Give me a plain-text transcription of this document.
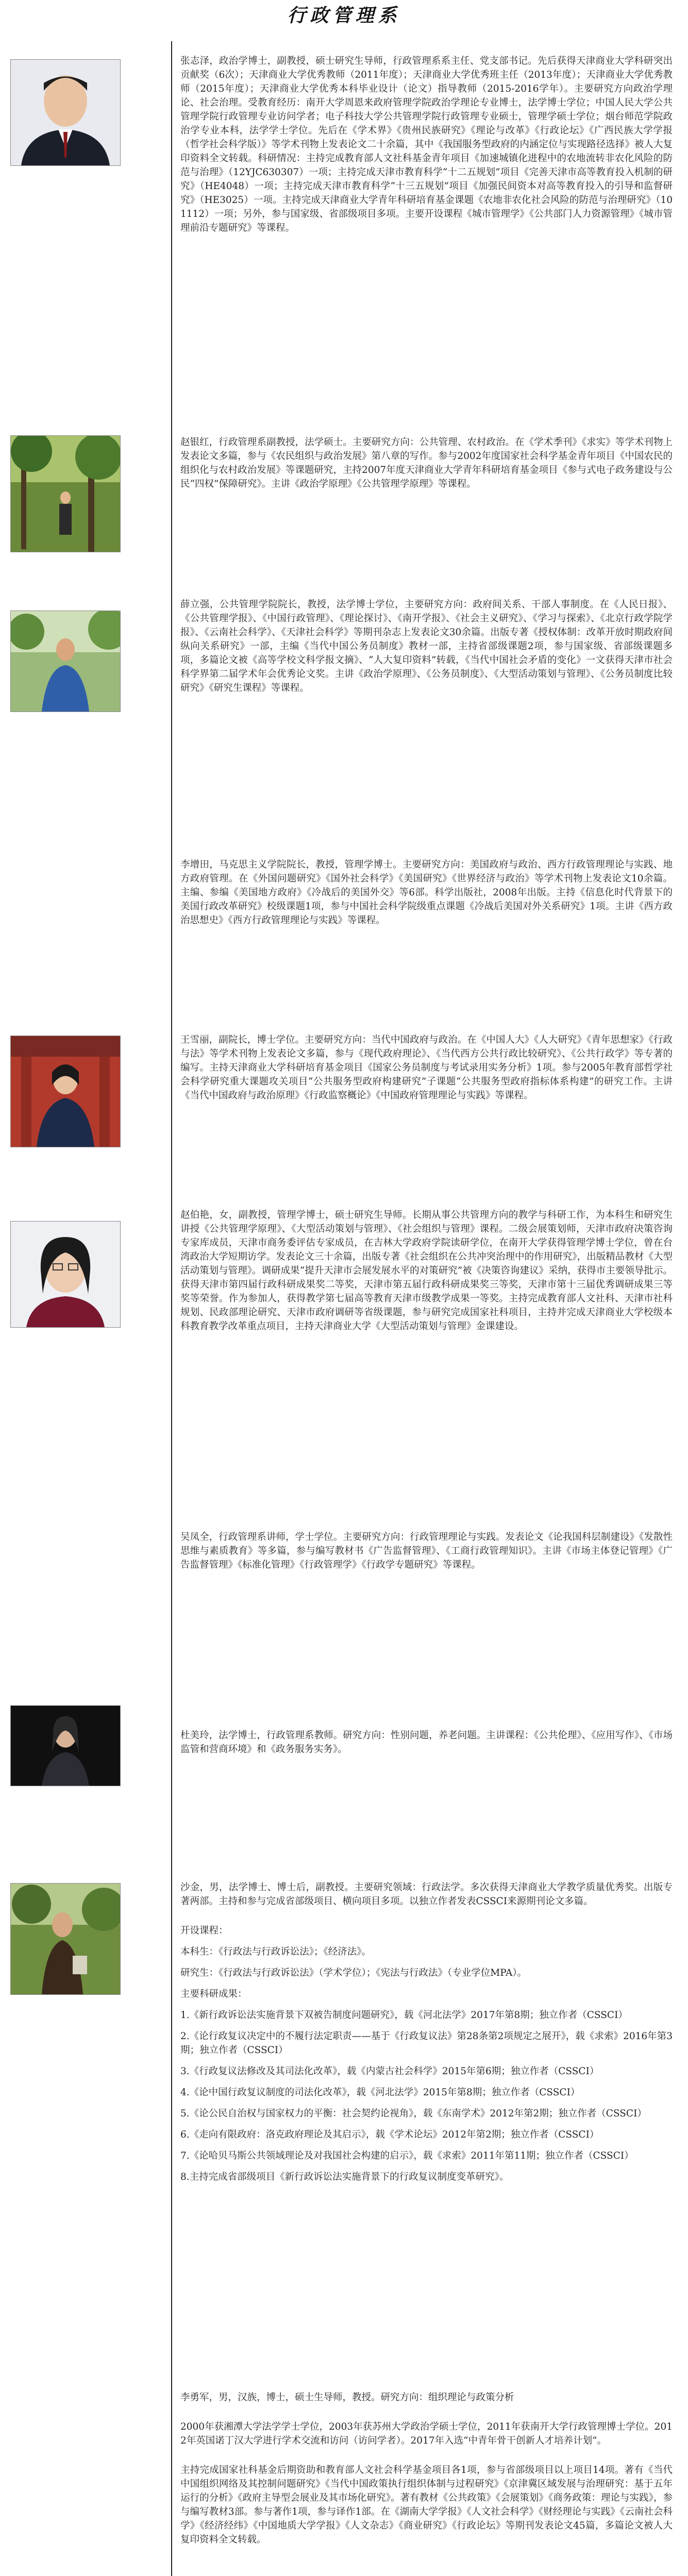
行政管理系

张志泽，政治学博士，副教授，硕士研究生导师，行政管理系系主任、党支部书记。先后获得天津商业大学科研突出贡献奖（6次）；天津商业大学优秀教师（2011年度）；天津商业大学优秀班主任（2013年度）；天津商业大学优秀教师（2015年度）；天津商业大学优秀本科毕业设计（论文）指导教师（2015-2016学年）。主要研究方向政治学理论、社会治理。受教育经历：南开大学周恩来政府管理学院政治学理论专业博士，法学博士学位；中国人民大学公共管理学院行政管理专业访问学者；电子科技大学公共管理学院行政管理专业硕士，管理学硕士学位；烟台师范学院政治学专业本科，法学学士学位。先后在《学术界》《贵州民族研究》《理论与改革》《行政论坛》《广西民族大学学报（哲学社会科学版）》等学术刊物上发表论文二十余篇，其中《我国服务型政府的内涵定位与实现路径选择》被人大复印资料全文转载。科研情况：主持完成教育部人文社科基金青年项目《加速城镇化进程中的农地流转非农化风险的防范与治理》（12YJC630307）一项；主持完成天津市教育科学“十二五规划”项目《完善天津市高等教育投入机制的研究》（HE4048）一项；主持完成天津市教育科学“十三五规划”项目《加强民间资本对高等教育投入的引导和监督研究》（HE3025）一项。主持完成天津商业大学青年科研培育基金课题《农地非农化社会风险的防范与治理研究》（101112）一项；另外，参与国家级、省部级项目多项。主要开设课程《城市管理学》《公共部门人力资源管理》《城市管理前沿专题研究》等课程。

赵银红，行政管理系副教授，法学硕士。主要研究方向：公共管理、农村政治。在《学术季刊》《求实》等学术刊物上发表论文多篇，参与《农民组织与政治发展》第八章的写作。参与2002年度国家社会科学基金青年项目《中国农民的组织化与农村政治发展》等课题研究，主持2007年度天津商业大学青年科研培育基金项目《参与式电子政务建设与公民“四权”保障研究》。主讲《政治学原理》《公共管理学原理》等课程。

薛立强，公共管理学院院长，教授，法学博士学位，主要研究方向：政府间关系、干部人事制度。在《人民日报》、《公共管理学报》、《中国行政管理》、《理论探讨》、《南开学报》、《社会主义研究》、《学习与探索》、《北京行政学院学报》、《云南社会科学》、《天津社会科学》等期刊杂志上发表论文30余篇。出版专著《授权体制：改革开放时期政府间纵向关系研究》一部，主编《当代中国公务员制度》教材一部，主持省部级课题2项，参与国家级、省部级课题多项，多篇论文被《高等学校文科学报文摘》、“人大复印资料”转载，《当代中国社会矛盾的变化》一文获得天津市社会科学界第二届学术年会优秀论文奖。主讲《政治学原理》、《公务员制度》、《大型活动策划与管理》、《公务员制度比较研究》《研究生课程》等课程。

李增田，马克思主义学院院长，教授，管理学博士。主要研究方向：美国政府与政治、西方行政管理理论与实践、地方政府管理。在《外国问题研究》《国外社会科学》《美国研究》《世界经济与政治》等学术刊物上发表论文10余篇。主编、参编《美国地方政府》《冷战后的美国外交》等6部。科学出版社，2008年出版。主持《信息化时代背景下的美国行政改革研究》校级课题1项，参与中国社会科学院级重点课题《冷战后美国对外关系研究》1项。主讲《西方政治思想史》《西方行政管理理论与实践》等课程。

王雪丽，副院长，博士学位。主要研究方向：当代中国政府与政治。在《中国人大》《人大研究》《青年思想家》《行政与法》等学术刊物上发表论文多篇，参与《现代政府理论》、《当代西方公共行政比较研究》、《公共行政学》等专著的编写。主持天津商业大学科研培育基金项目《国家公务员制度与考试录用实务分析》1项。参与2005年教育部哲学社会科学研究重大课题攻关项目“公共服务型政府构建研究”子课题“公共服务型政府指标体系构建”的研究工作。主讲《当代中国政府与政治原理》《行政监察概论》《中国政府管理理论与实践》等课程。

赵伯艳，女，副教授，管理学博士，硕士研究生导师。长期从事公共管理方向的教学与科研工作，为本科生和研究生讲授《公共管理学原理》、《大型活动策划与管理》、《社会组织与管理》课程。二级会展策划师，天津市政府决策咨询专家库成员，天津市商务委评估专家成员，在吉林大学政府学院读研学位，在南开大学获得管理学博士学位，曾在台湾政治大学短期访学。发表论文三十余篇，出版专著《社会组织在公共冲突治理中的作用研究》，出版精品教材《大型活动策划与管理》。调研成果“提升天津市会展发展水平的对策研究”被《决策咨询建议》采纳，获得市主要领导批示。获得天津市第四届行政科研成果奖二等奖，天津市第五届行政科研成果奖三等奖，天津市第十三届优秀调研成果三等奖等荣誉。作为参加人，获得教学第七届高等教育天津市级教学成果一等奖。主持完成教育部人文社科、天津市社科规划、民政部理论研究、天津市政府调研等省级课题，参与研究完成国家社科项目，主持并完成天津商业大学校级本科教育教学改革重点项目，主持天津商业大学《大型活动策划与管理》金课建设。

吴凤全，行政管理系讲师，学士学位。主要研究方向：行政管理理论与实践。发表论文《论我国科层制建设》《发散性思维与素质教育》等多篇，参与编写教材书《广告监督管理》、《工商行政管理知识》。主讲《市场主体登记管理》《广告监督管理》《标准化管理》《行政管理学》《行政学专题研究》等课程。

杜美玲，法学博士，行政管理系教师。研究方向：性别问题，养老问题。主讲课程：《公共伦理》、《应用写作》、《市场监管和营商环境》和《政务服务实务》。

沙金，男，法学博士、博士后，副教授。主要研究领域：行政法学。多次获得天津商业大学教学质量优秀奖。出版专著两部。主持和参与完成省部级项目、横向项目多项。以独立作者发表CSSCI来源期刊论文多篇。

开设课程：

本科生：《行政法与行政诉讼法》；《经济法》。

研究生：《行政法与行政诉讼法》（学术学位）；《宪法与行政法》（专业学位MPA）。

主要科研成果：

1.《新行政诉讼法实施背景下双被告制度问题研究》，载《河北法学》2017年第8期；独立作者（CSSCI）

2.《论行政复议决定中的不履行法定职责——基于《行政复议法》第28条第2项规定之展开》，载《求索》2016年第3期；独立作者（CSSCI）

3.《行政复议法修改及其司法化改革》，载《内蒙古社会科学》2015年第6期；独立作者（CSSCI）

4.《论中国行政复议制度的司法化改革》，载《河北法学》2015年第8期；独立作者（CSSCI）

5.《论公民自治权与国家权力的平衡：社会契约论视角》，载《东南学术》2012年第2期；独立作者（CSSCI）

6.《走向有限政府：洛克政府理论及其启示》，载《学术论坛》2012年第2期；独立作者（CSSCI）

7.《论哈贝马斯公共领域理论及对我国社会构建的启示》，载《求索》2011年第11期；独立作者（CSSCI）

8.主持完成省部级项目《新行政诉讼法实施背景下的行政复议制度变革研究》。

李勇军，男，汉族，博士，硕士生导师，教授。研究方向：组织理论与政策分析

2000年获湘潭大学法学学士学位，2003年获苏州大学政治学硕士学位，2011年获南开大学行政管理博士学位。2012年英国诺丁汉大学进行学术交流和访问（访问学者）。2017年入选“中青年骨干创新人才培养计划”。

主持完成国家社科基金后期资助和教育部人文社会科学基金项目各1项，参与省部级项目以上项目14项。著有《当代中国组织网络及其控制问题研究》《当代中国政策执行组织体制与过程研究》《京津冀区域发展与治理研究：基于五年运行的分析》《政府主导型会展业及其市场化研究》。著有教材《公共政策》《会展策划》《商务政策：理论与实践》，参与编写教材3部。参与著作1项，参与译作1部。在《湖南大学学报》《人文社会科学》《财经理论与实践》《云南社会科学》《经济经纬》《中国地质大学学报》《人文杂志》《商业研究》《行政论坛》等期刊发表论文45篇，多篇论文被人大复印资料全文转载。
